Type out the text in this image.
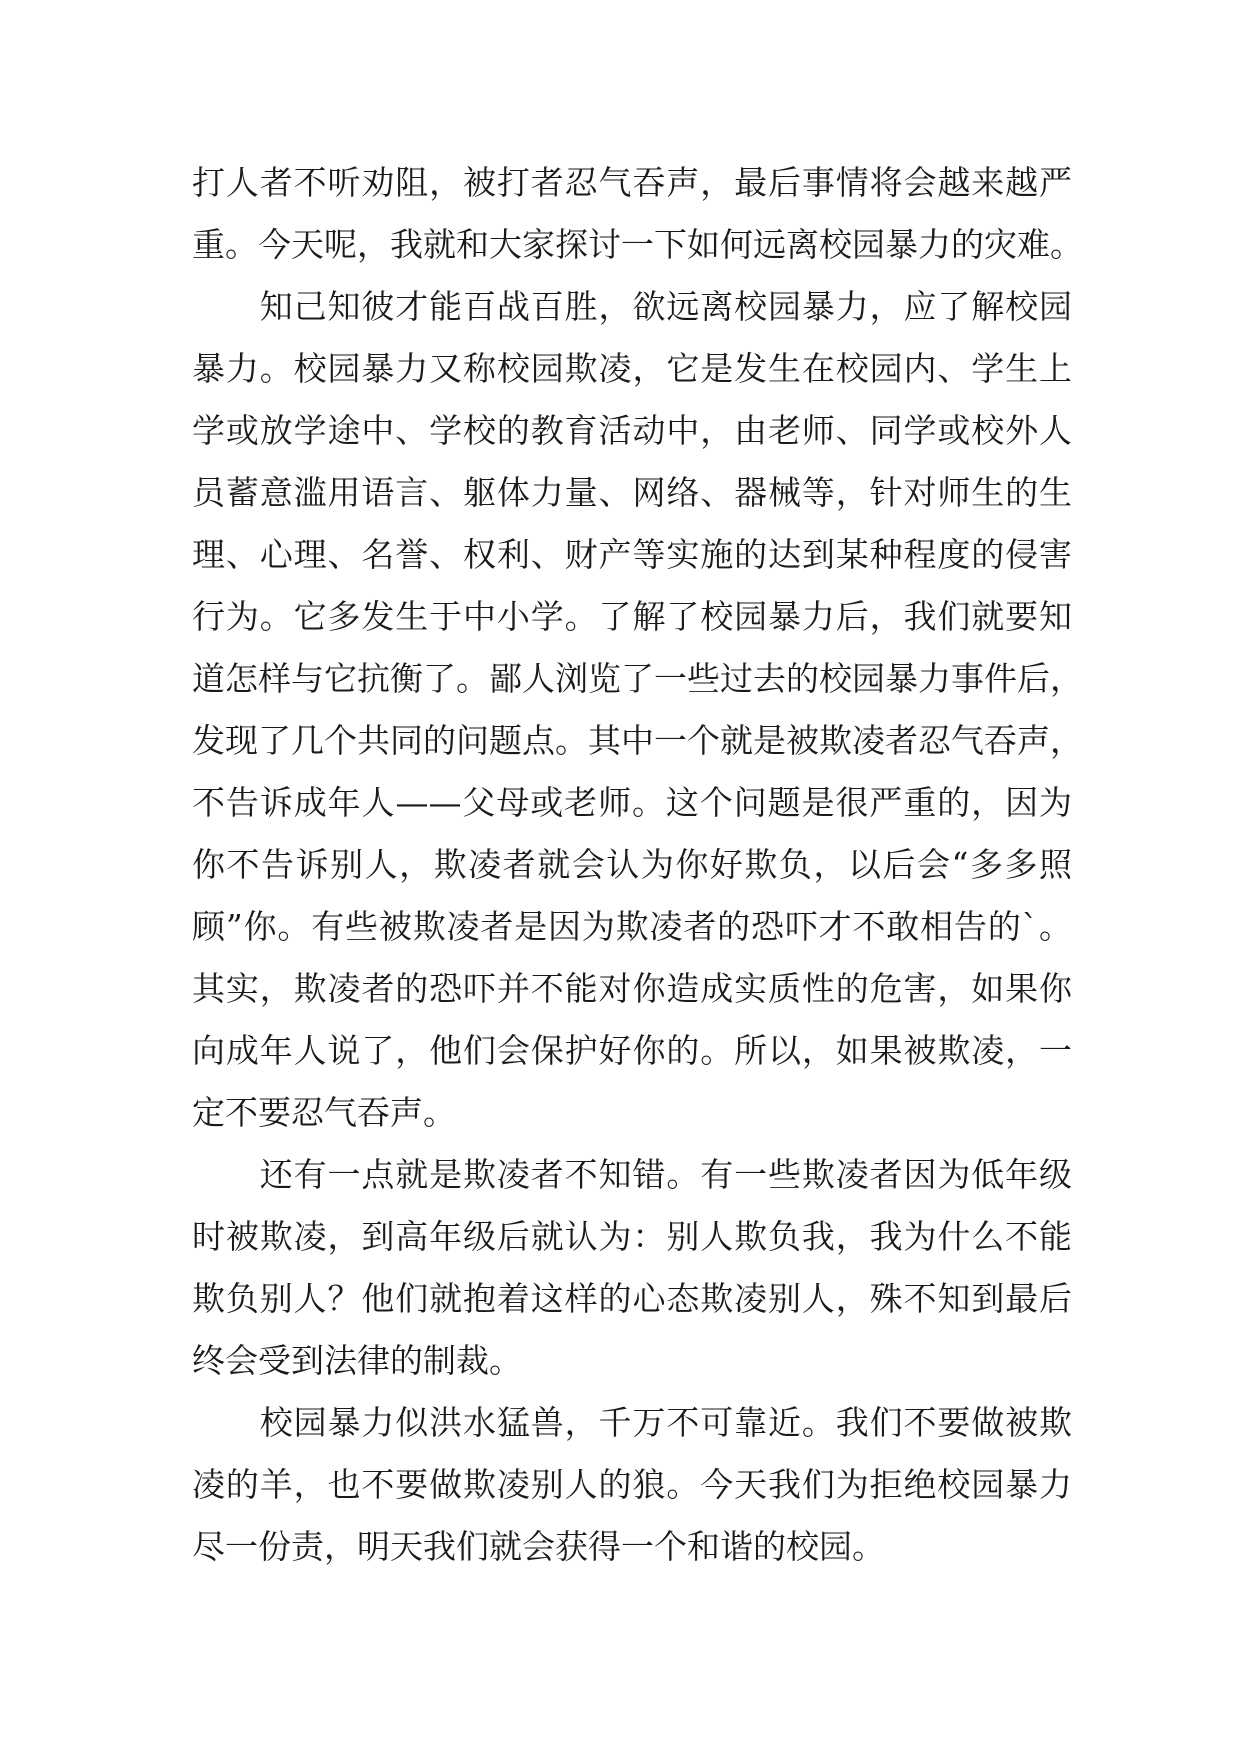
打人者不听劝阻，被打者忍气吞声，最后事情将会越来越严
重。今天呢，我就和大家探讨一下如何远离校园暴力的灾难。
　　知己知彼才能百战百胜，欲远离校园暴力，应了解校园
暴力。校园暴力又称校园欺凌，它是发生在校园内、学生上
学或放学途中、学校的教育活动中，由老师、同学或校外人
员蓄意滥用语言、躯体力量、网络、器械等，针对师生的生
理、心理、名誉、权利、财产等实施的达到某种程度的侵害
行为。它多发生于中小学。了解了校园暴力后，我们就要知
道怎样与它抗衡了。鄙人浏览了一些过去的校园暴力事件后，
发现了几个共同的问题点。其中一个就是被欺凌者忍气吞声，
不告诉成年人——父母或老师。这个问题是很严重的，因为
你不告诉别人，欺凌者就会认为你好欺负，以后会“多多照
顾”你。有些被欺凌者是因为欺凌者的恐吓才不敢相告的`。
其实，欺凌者的恐吓并不能对你造成实质性的危害，如果你
向成年人说了，他们会保护好你的。所以，如果被欺凌，一
定不要忍气吞声。
　　还有一点就是欺凌者不知错。有一些欺凌者因为低年级
时被欺凌，到高年级后就认为：别人欺负我，我为什么不能
欺负别人？他们就抱着这样的心态欺凌别人，殊不知到最后
终会受到法律的制裁。
　　校园暴力似洪水猛兽，千万不可靠近。我们不要做被欺
凌的羊，也不要做欺凌别人的狼。今天我们为拒绝校园暴力
尽一份责，明天我们就会获得一个和谐的校园。
